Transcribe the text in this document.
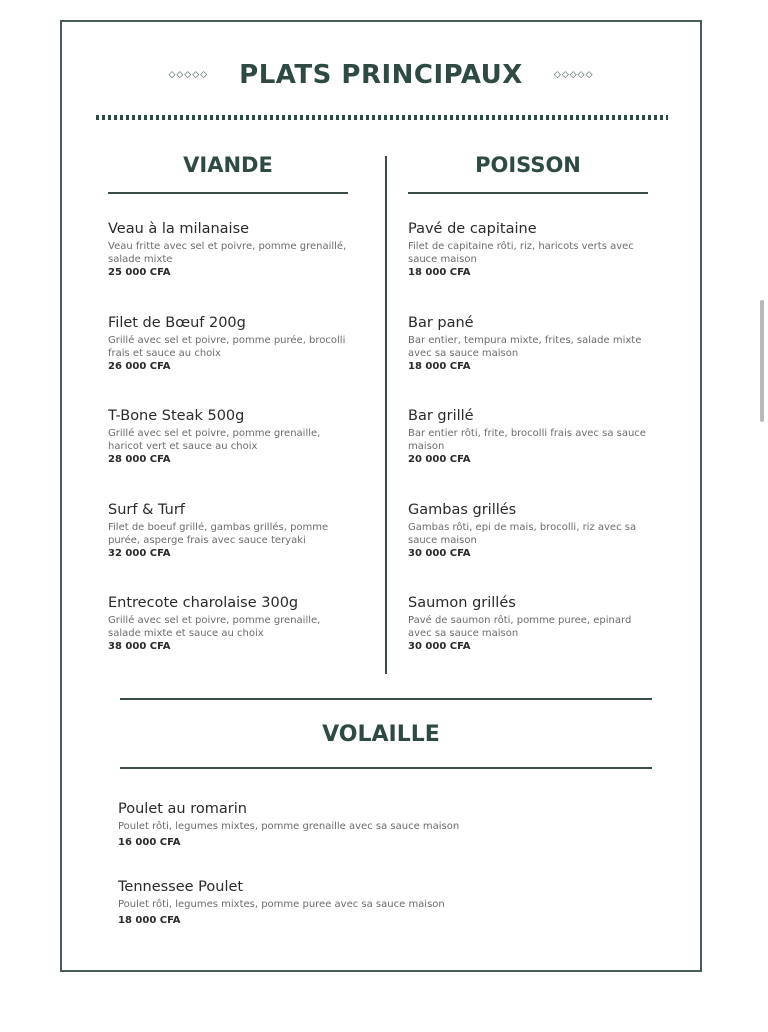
◇◇◇◇◇ PLATS PRINCIPAUX	◇◇◇◇◇
VIANDE
Veau à la milanaise
Veau fritte avec sel et poivre, pomme grenaillé, salade mixte
25 000 CFA
Filet de Bœuf 200g
Grillé avec sel et poivre, pomme purée, brocolli frais et sauce au choix
26 000 CFA
T-Bone Steak 500g
Grillé avec sel et poivre, pomme grenaille, haricot vert et sauce au choix
28 000 CFA
Surf & Turf
Filet de boeuf grillé, gambas grillés, pomme purée, asperge frais avec sauce teryaki
32 000 CFA
Entrecote charolaise 300g
Grillé avec sel et poivre, pomme grenaille, salade mixte et sauce au choix
38 000 CFA
POISSON
Pavé de capitaine
Filet de capitaine rôti, riz, haricots verts avec sauce maison
18 000 CFA
Bar pané
Bar entier, tempura mixte, frites, salade mixte avec sa sauce maison
18 000 CFA
Bar grillé
Bar entier rôti, frite, brocolli frais avec sa sauce maison
20 000 CFA
Gambas grillés
Gambas rôti, epi de mais, brocolli, riz avec sa sauce maison
30 000 CFA
Saumon grillés
Pavé de saumon rôti, pomme puree, epinard avec sa sauce maison
30 000 CFA
VOLAILLE
Poulet au romarin
Poulet rôti, legumes mixtes, pomme grenaille avec sa sauce maison
16 000 CFA
Tennessee Poulet
Poulet rôti, legumes mixtes, pomme puree avec sa sauce maison
18 000 CFA
